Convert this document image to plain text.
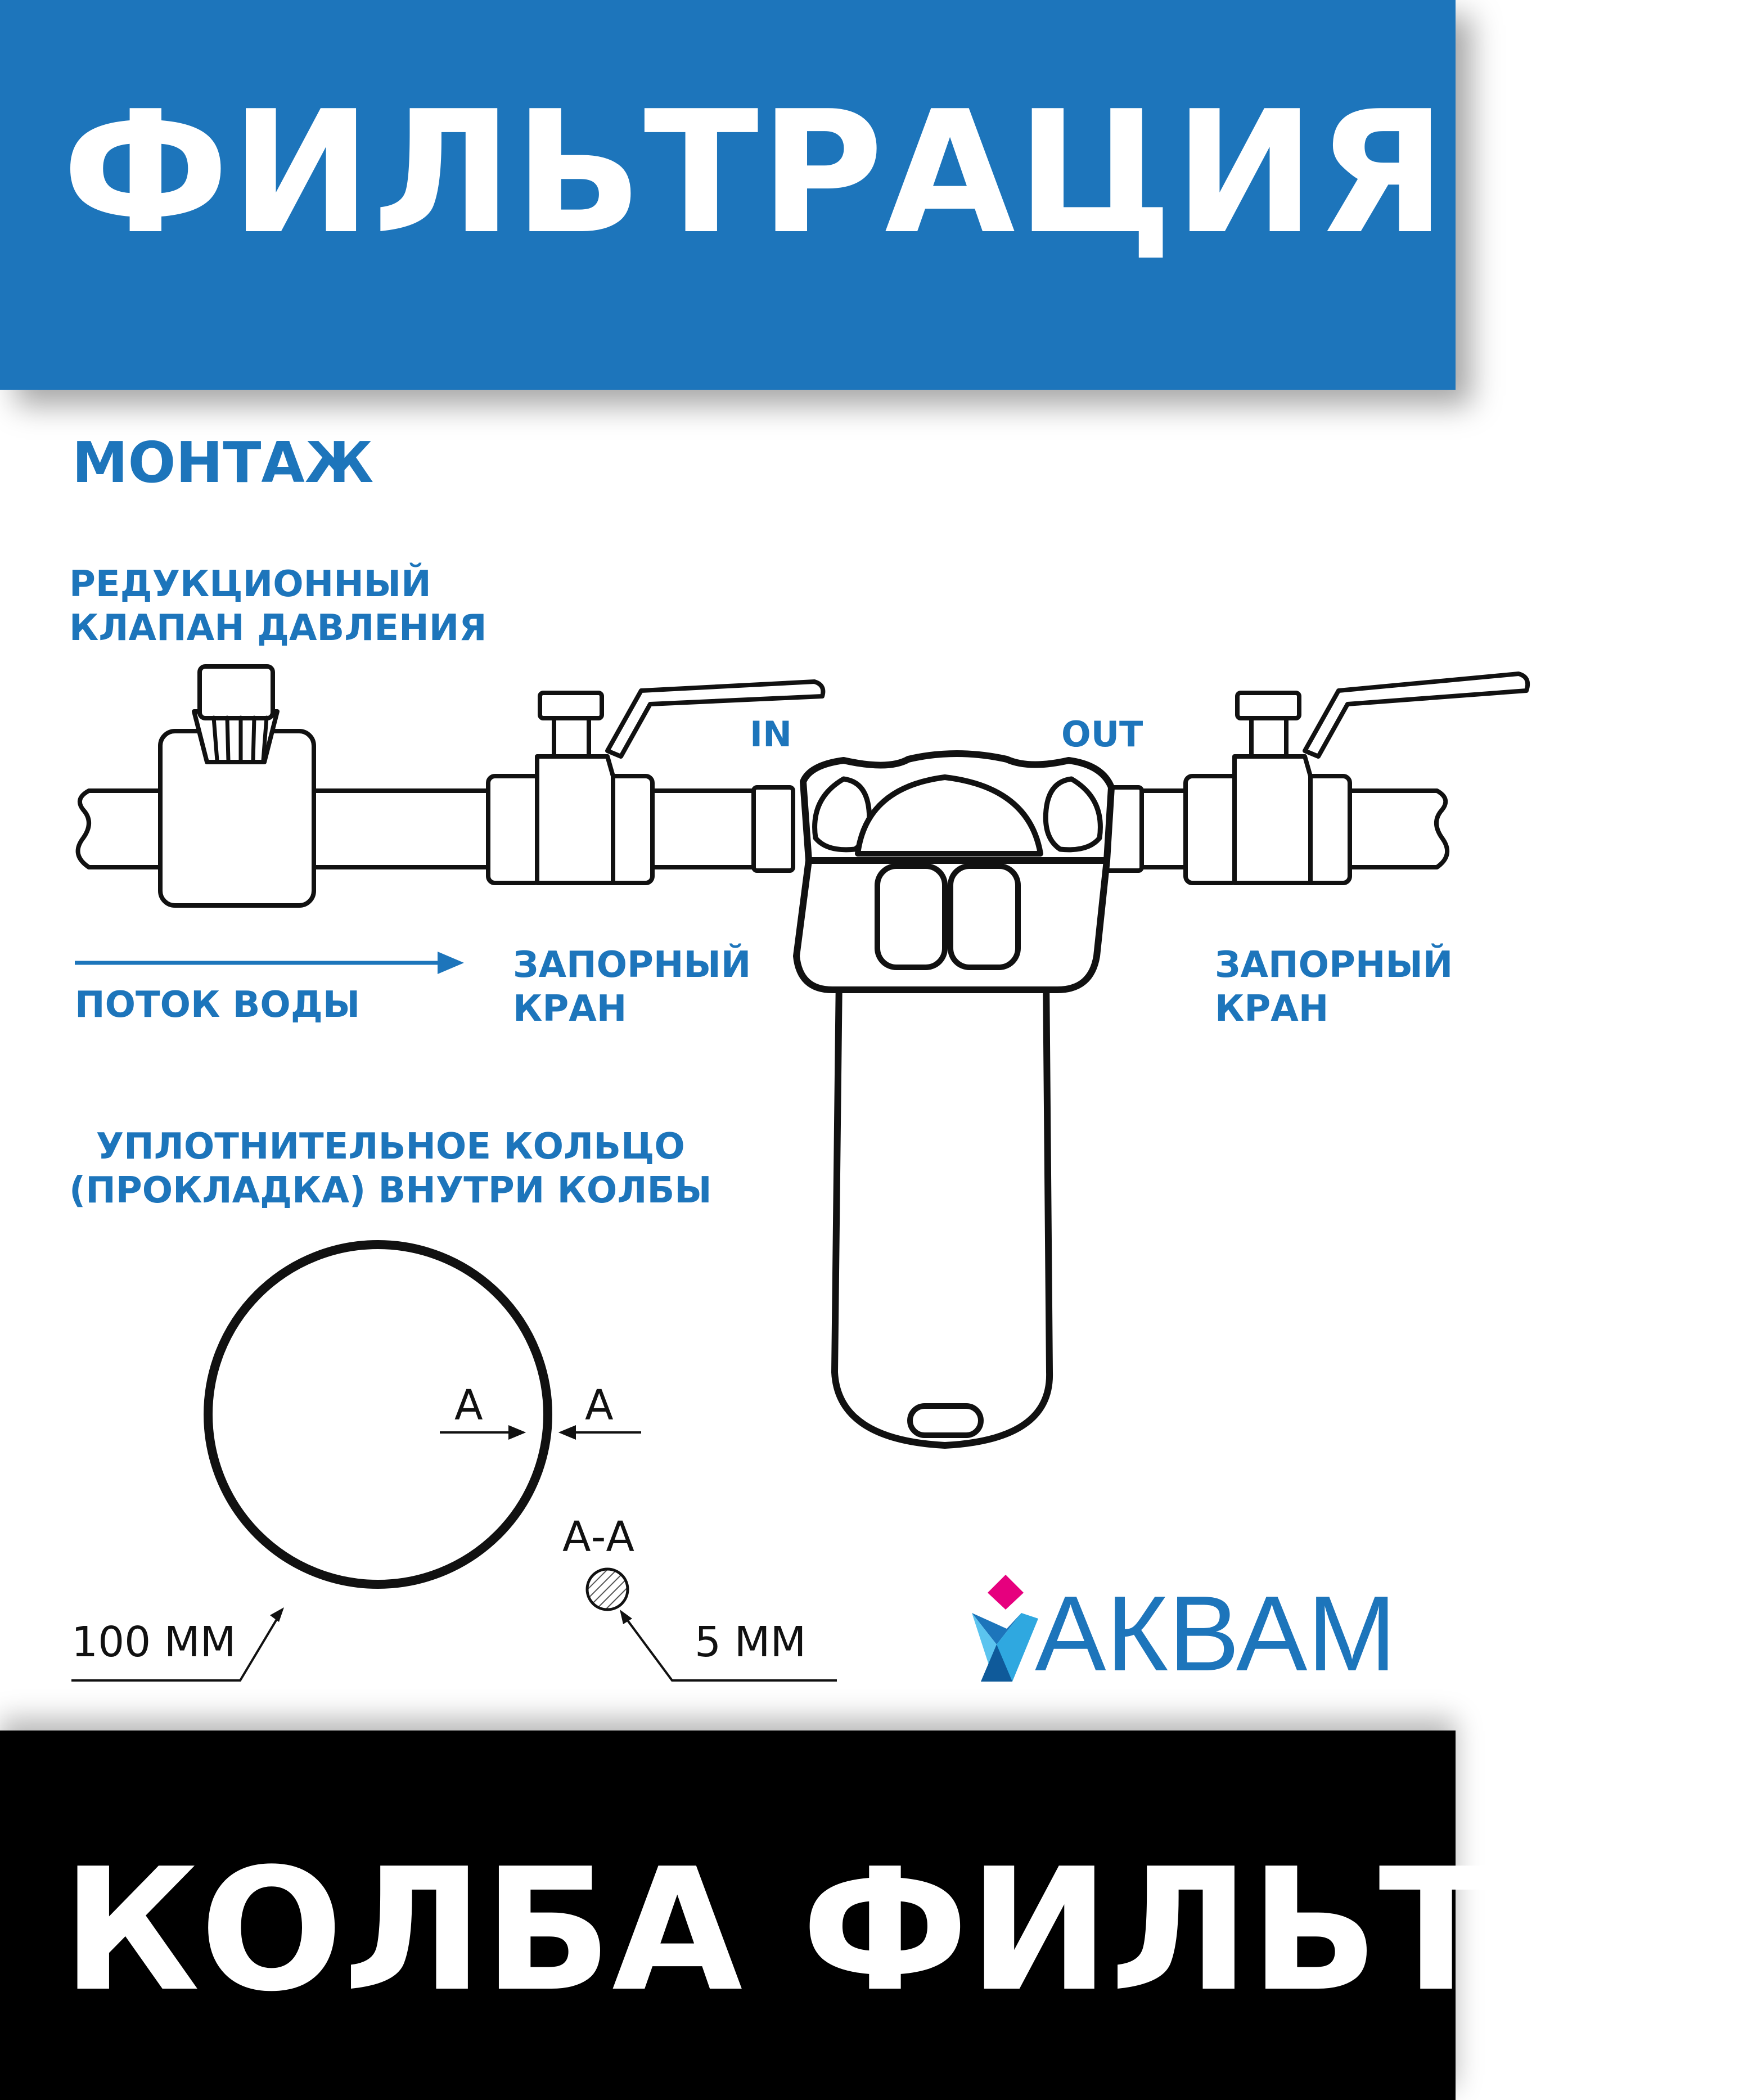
ФИЛЬТРАЦИЯ
МОНТАЖ
РЕДУКЦИОННЫЙ
КЛАПАН ДАВЛЕНИЯ
IN	OUT
ПОТОК ВОДЫ
ЗАПОРНЫЙ
КРАН
ЗАПОРНЫЙ
КРАН
УПЛОТНИТЕЛЬНОЕ КОЛЬЦО
(ПРОКЛАДКА) ВНУТРИ КОЛБЫ
А А
А-А
100 ММ	5 ММ АКВАМ
КОЛБА ФИЛЬТРА
